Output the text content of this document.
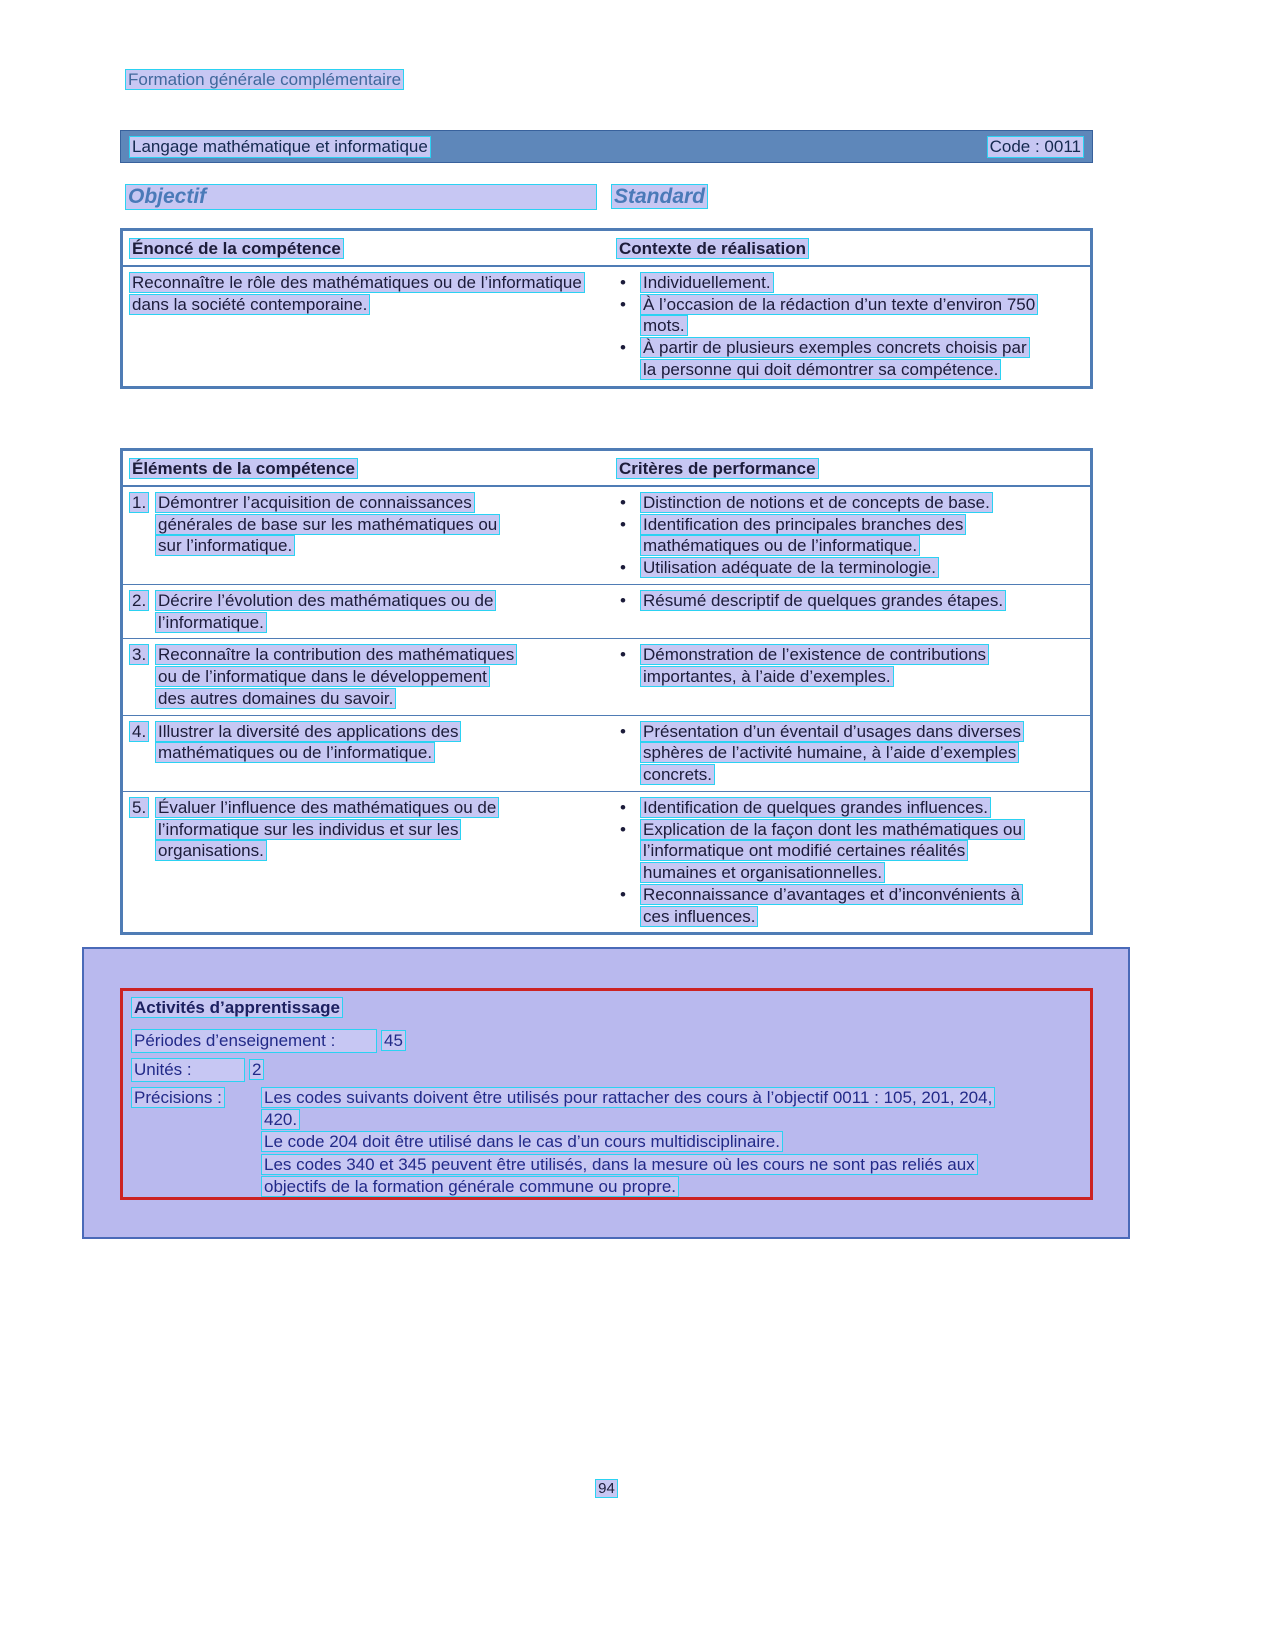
Formation générale complémentaire
Langage mathématique et informatique	Code : 0011
Objectif	Standard
Énoncé de la compétence	Contexte de réalisation
Reconnaître le rôle des mathématiques ou de l’informatique dans la société contemporaine.
•	Individuellement.
•	À l’occasion de la rédaction d’un texte d’environ 750 mots.
•	À partir de plusieurs exemples concrets choisis par la personne qui doit démontrer sa compétence.
Éléments de la compétence	Critères de performance
1. Démontrer l’acquisition de connaissances générales de base sur les mathématiques ou sur l’informatique.
•	Distinction de notions et de concepts de base.
•	Identification des principales branches des mathématiques ou de l’informatique.
•	Utilisation adéquate de la terminologie.
2. Décrire l’évolution des mathématiques ou de l’informatique.
•	Résumé descriptif de quelques grandes étapes.
3. Reconnaître la contribution des mathématiques ou de l’informatique dans le développement des autres domaines du savoir.
•	Démonstration de l’existence de contributions importantes, à l’aide d’exemples.
4. Illustrer la diversité des applications des mathématiques ou de l’informatique.
•	Présentation d’un éventail d’usages dans diverses sphères de l’activité humaine, à l’aide d’exemples concrets.
5. Évaluer l’influence des mathématiques ou de l’informatique sur les individus et sur les organisations.
•	Identification de quelques grandes influences.
•	Explication de la façon dont les mathématiques ou l’informatique ont modifié certaines réalités humaines et organisationnelles.
•	Reconnaissance d’avantages et d’inconvénients à ces influences.
Activités d’apprentissage
Périodes d’enseignement :	45
Unités :	2
Précisions :	Les codes suivants doivent être utilisés pour rattacher des cours à l’objectif 0011 : 105, 201, 204, 420.
Le code 204 doit être utilisé dans le cas d’un cours multidisciplinaire.
Les codes 340 et 345 peuvent être utilisés, dans la mesure où les cours ne sont pas reliés aux objectifs de la formation générale commune ou propre.
94
